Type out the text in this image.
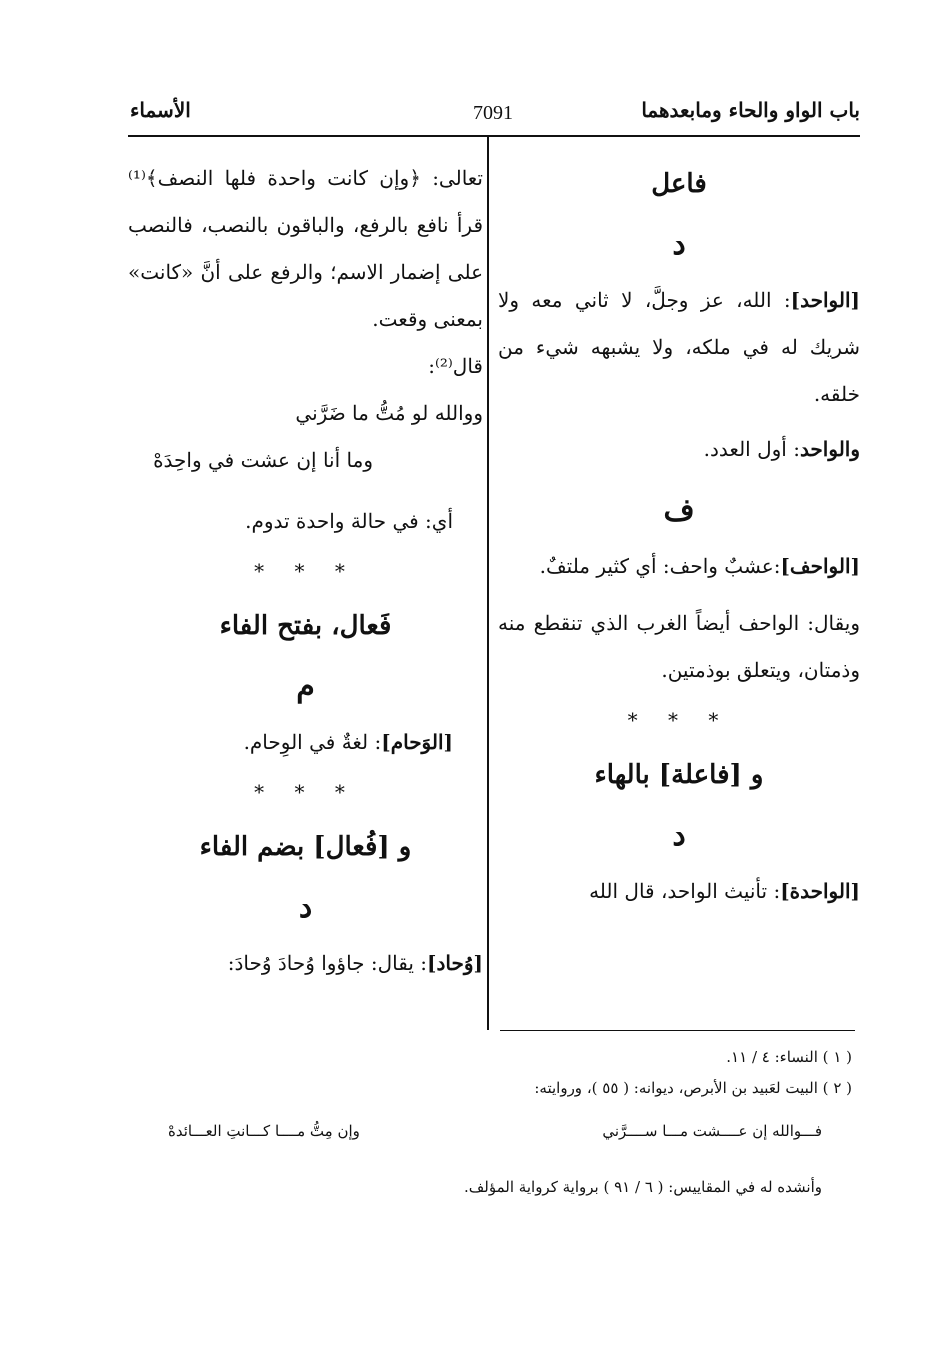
باب الواو والحاء ومابعدهما
7091
الأسماء
فاعل
د

[الواحد]: الله، عز وجلَّ، لا ثاني معه ولا شريك له في ملكه، ولا يشبهه شيء من خلقه.

والواحد: أول العدد.

ف

[الواحف]:عشبٌ واحف: أي كثير ملتفٌ.

ويقال: الواحف أيضاً الغرب الذي تنقطع منه وذمتان، ويتعلق بوذمتين.

* * *
و [فاعلة] بالهاء
د

[الواحدة]: تأنيث الواحد، قال الله

تعالى: ﴿وإن كانت واحدة فلها النصف﴾⁽¹⁾ قرأ نافع بالرفع، والباقون بالنصب، فالنصب على إضمار الاسم؛ والرفع على أنَّ «كانت» بمعنى وقعت.

قال⁽²⁾:

ووالله لو مُتُّ ما ضَرَّني

وما أنا إن عشت في واحِدَهْ

أي: في حالة واحدة تدوم.

* * *
فَعال، بفتح الفاء
م

[الوَحام]: لغةٌ في الوِحام.

* * *
و [فُعال] بضم الفاء
د

[وُحاد]: يقال: جاؤوا وُحادَ وُحادَ:

( ١ ) النساء: ٤ / ١١.

( ٢ ) البيت لعَبيد بن الأبرص، ديوانه: ( ٥٥ )، وروايته:

فـــوالله إن عــــشت مـــا ســــرَّني
وإن مِتُّ مــــا كـــانتِ العـــائدهْ

وأنشده له في المقاييس: ( ٦ / ٩١ ) برواية كرواية المؤلف.
